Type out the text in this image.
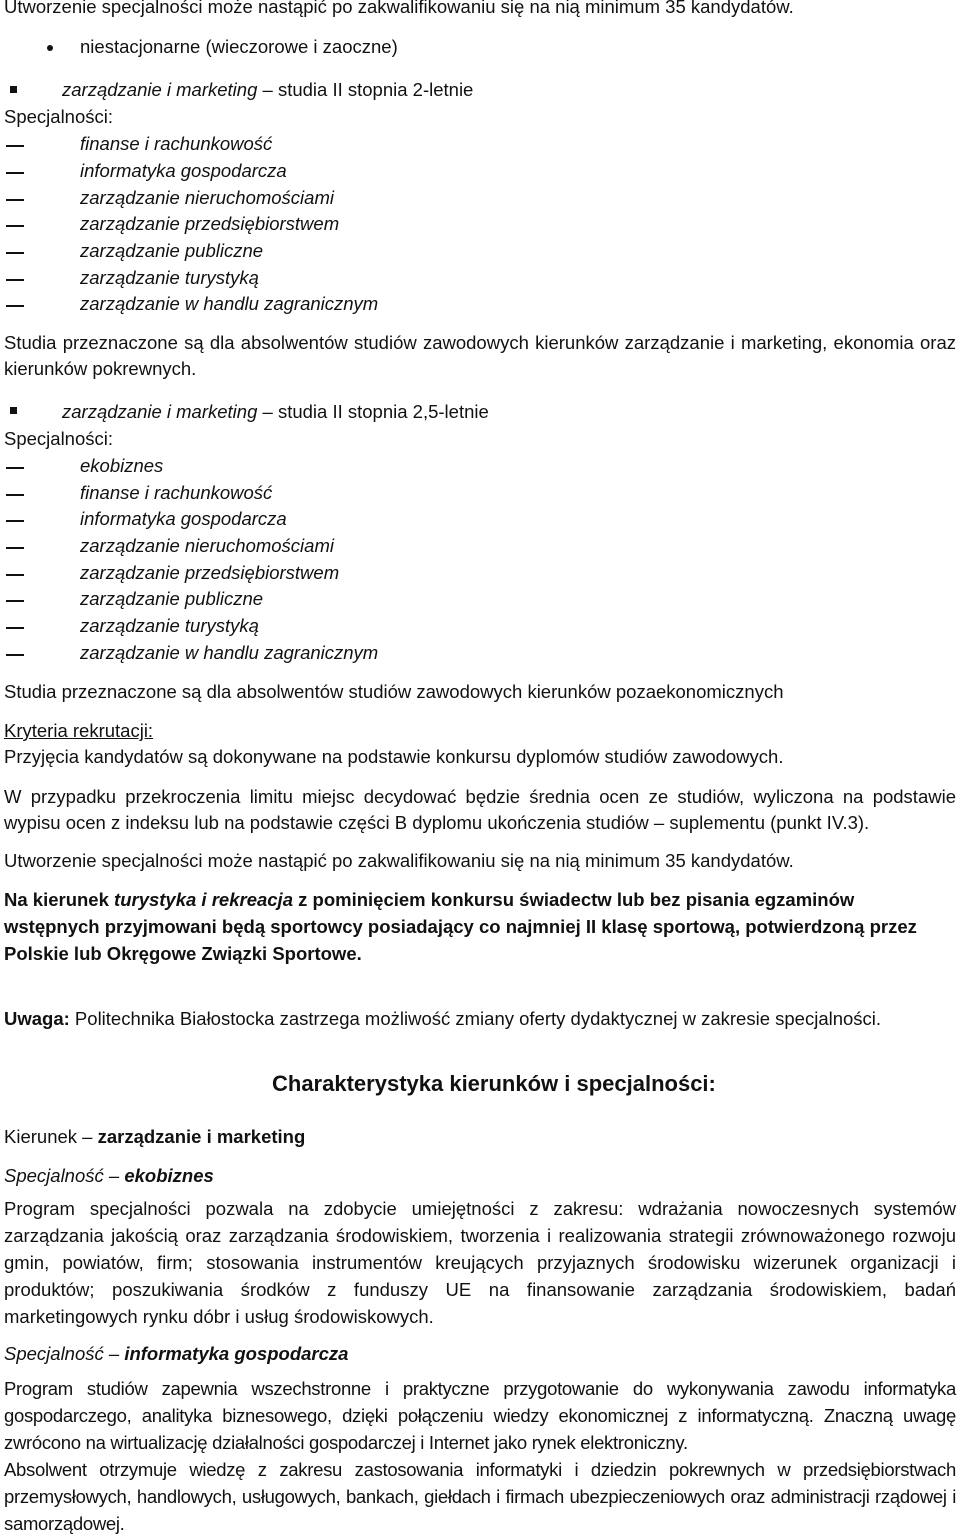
Utworzenie specjalności może nastąpić po zakwalifikowaniu się na nią minimum 35 kandydatów.
niestacjonarne (wieczorowe i zaoczne)
zarządzanie i marketing – studia II stopnia 2-letnie
Specjalności:
finanse i rachunkowość
informatyka gospodarcza
zarządzanie nieruchomościami
zarządzanie przedsiębiorstwem
zarządzanie publiczne
zarządzanie turystyką
zarządzanie w handlu zagranicznym
Studia przeznaczone są dla absolwentów studiów zawodowych kierunków zarządzanie i marketing, ekonomia oraz kierunków pokrewnych.
zarządzanie i marketing – studia II stopnia 2,5-letnie
Specjalności:
ekobiznes
finanse i rachunkowość
informatyka gospodarcza
zarządzanie nieruchomościami
zarządzanie przedsiębiorstwem
zarządzanie publiczne
zarządzanie turystyką
zarządzanie w handlu zagranicznym
Studia przeznaczone są dla absolwentów studiów zawodowych kierunków pozaekonomicznych
Kryteria rekrutacji:
Przyjęcia kandydatów są dokonywane na podstawie konkursu dyplomów studiów zawodowych.
W przypadku przekroczenia limitu miejsc decydować będzie średnia ocen ze studiów, wyliczona na podstawie wypisu ocen z indeksu lub na podstawie części B dyplomu ukończenia studiów – suplementu (punkt IV.3).
Utworzenie specjalności może nastąpić po zakwalifikowaniu się na nią minimum 35 kandydatów.
Na kierunek turystyka i rekreacja z pominięciem konkursu świadectw lub bez pisania egzaminów
wstępnych przyjmowani będą sportowcy posiadający co najmniej II klasę sportową, potwierdzoną przez
Polskie lub Okręgowe Związki Sportowe.
Uwaga: Politechnika Białostocka zastrzega możliwość zmiany oferty dydaktycznej w zakresie specjalności.
Charakterystyka kierunków i specjalności:
Kierunek – zarządzanie i marketing
Specjalność – ekobiznes
Program specjalności pozwala na zdobycie umiejętności z zakresu: wdrażania nowoczesnych systemów zarządzania jakością oraz zarządzania środowiskiem, tworzenia i realizowania strategii zrównoważonego rozwoju gmin, powiatów, firm; stosowania instrumentów kreujących przyjaznych środowisku wizerunek organizacji i produktów; poszukiwania środków z funduszy UE na finansowanie zarządzania środowiskiem, badań marketingowych rynku dóbr i usług środowiskowych.
Specjalność – informatyka gospodarcza
Program studiów zapewnia wszechstronne i praktyczne przygotowanie do wykonywania zawodu informatyka gospodarczego, analityka biznesowego, dzięki połączeniu wiedzy ekonomicznej z informatyczną. Znaczną uwagę zwrócono na wirtualizację działalności gospodarczej i Internet jako rynek elektroniczny.
Absolwent otrzymuje wiedzę z zakresu zastosowania informatyki i dziedzin pokrewnych w przedsiębiorstwach przemysłowych, handlowych, usługowych, bankach, giełdach i firmach ubezpieczeniowych oraz administracji rządowej i samorządowej.
